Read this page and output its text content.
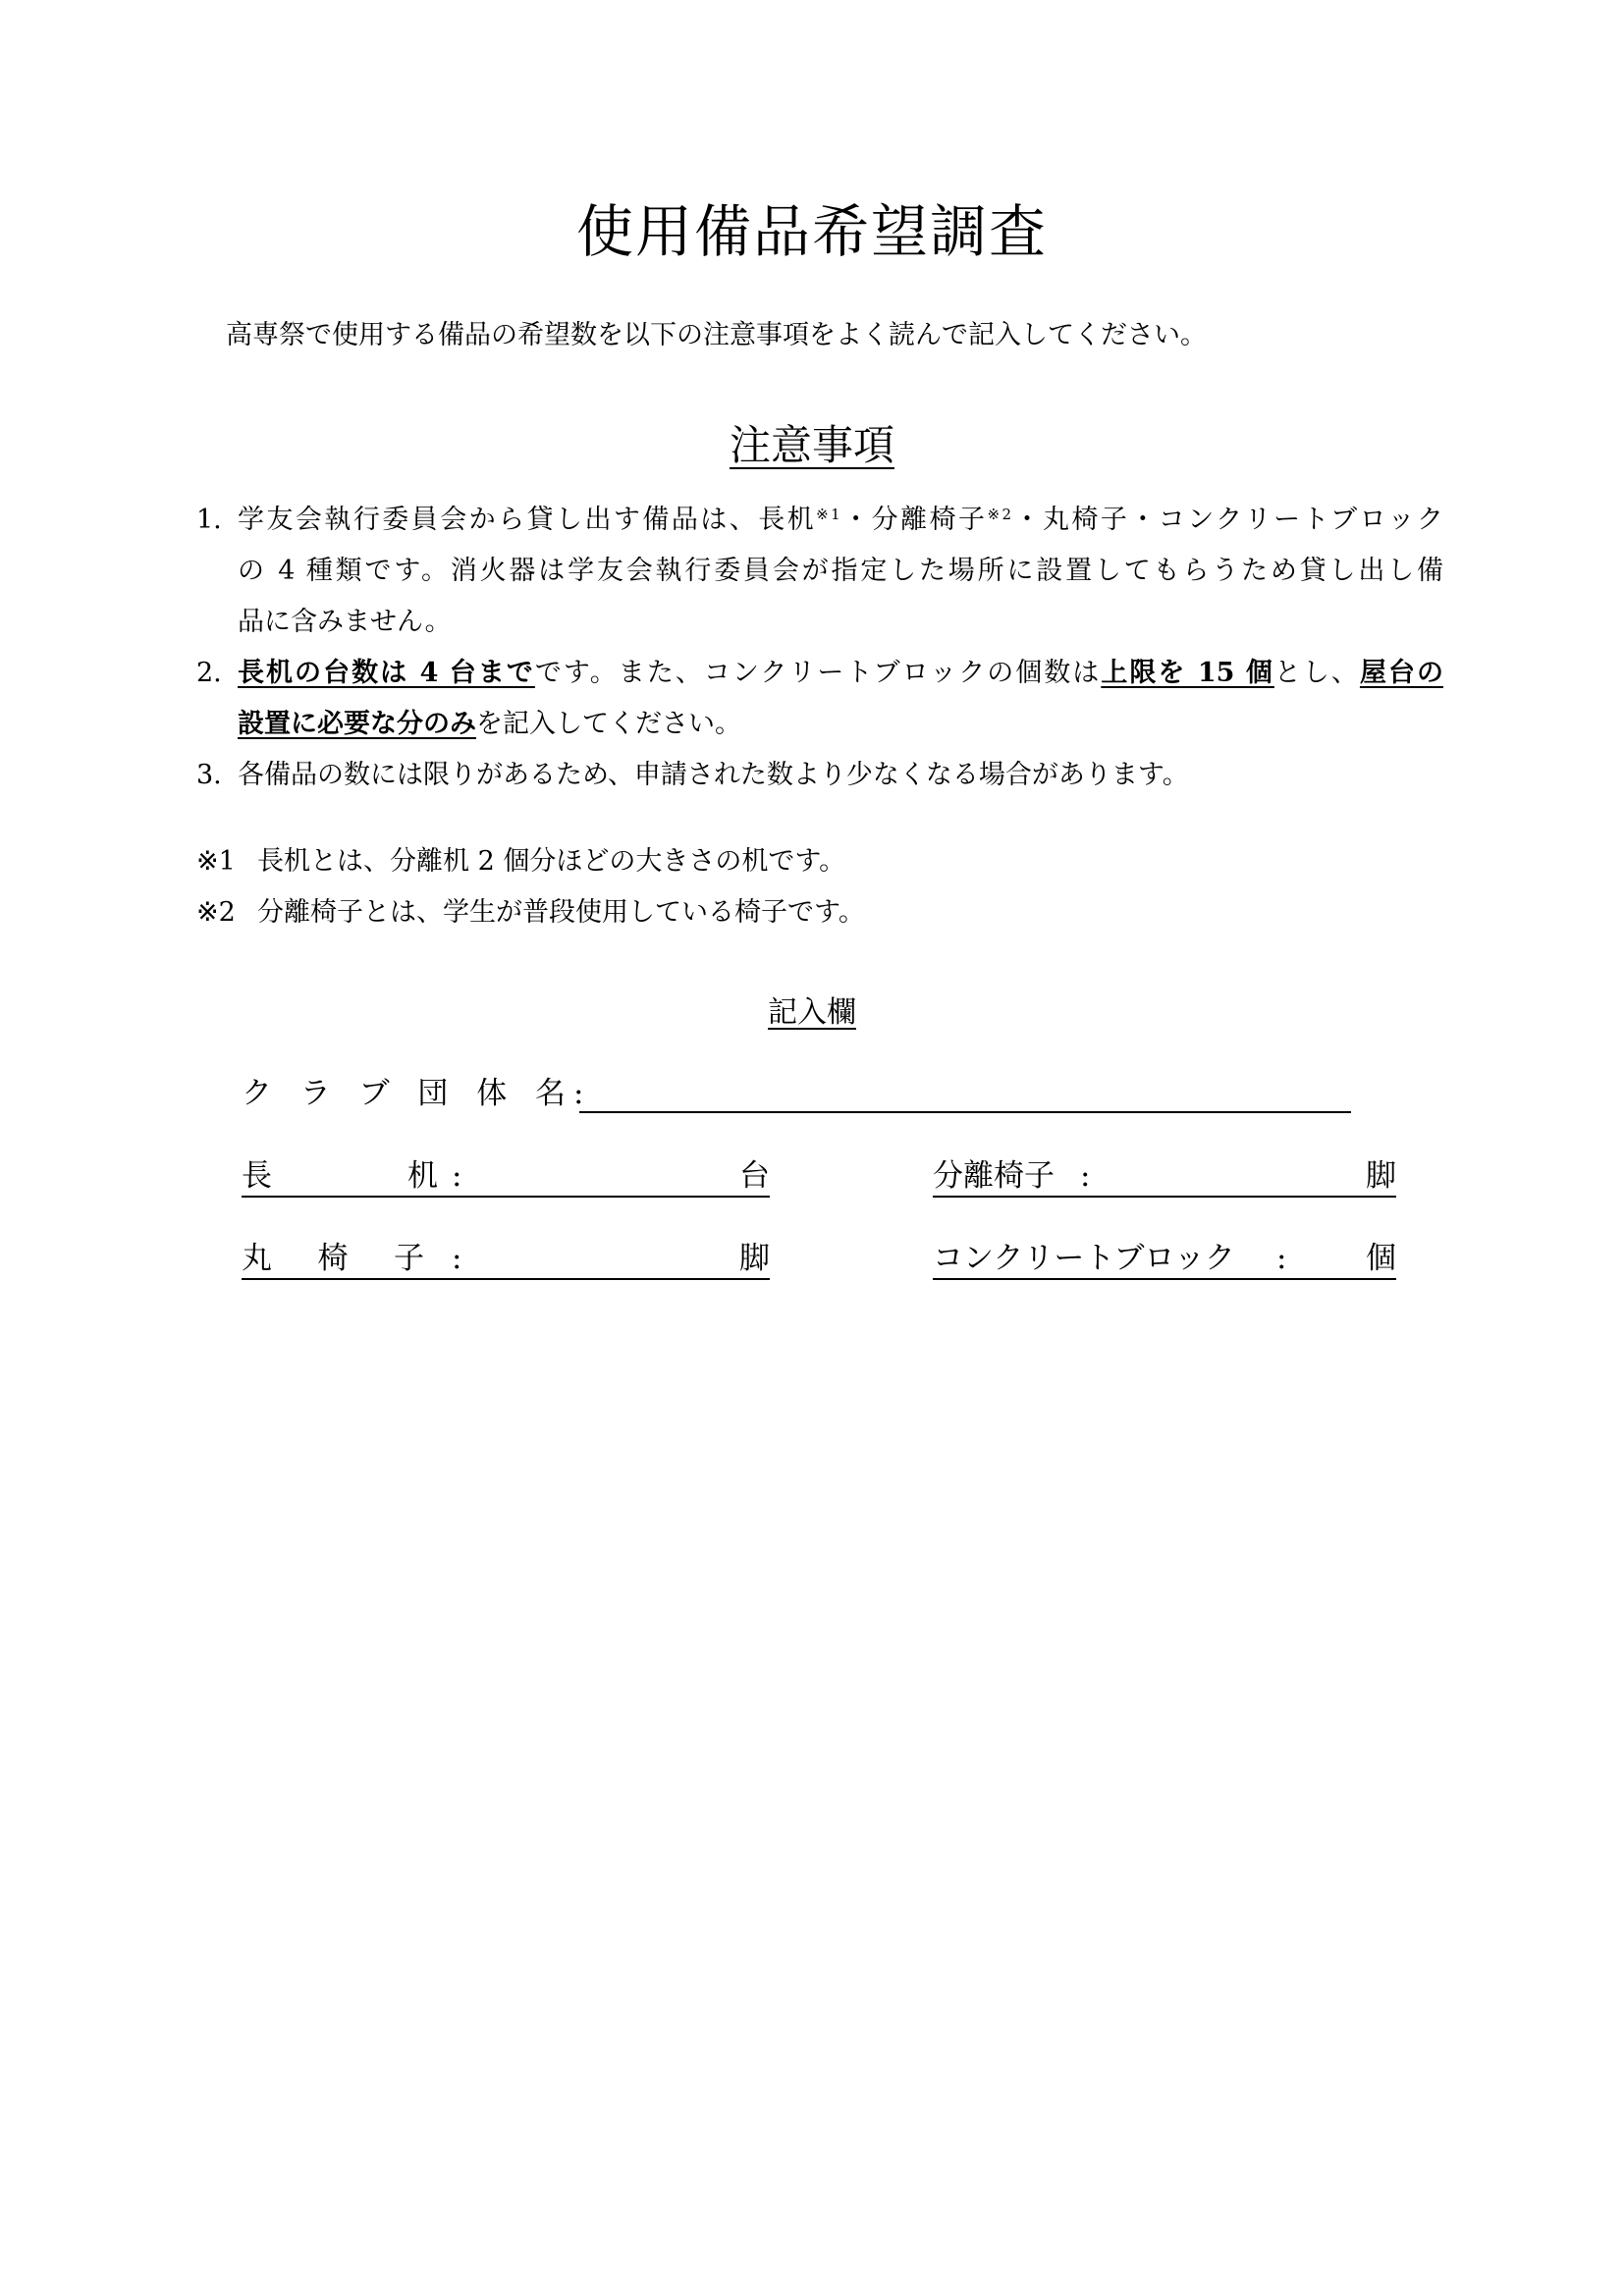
使用備品希望調査
高専祭で使用する備品の希望数を以下の注意事項をよく読んで記入してください。
注意事項
1. 学友会執行委員会から貸し出す備品は、長机$^{※1}$・分離椅子$^{※2}$・丸椅子・コンクリートブロック
の 4 種類です。消火器は学友会執行委員会が指定した場所に設置してもらうため貸し出し備
品に含みません。
2. 長机の台数は 4 台までです。また、コンクリートブロックの個数は上限を 15 個とし、屋台の
設置に必要な分のみを記入してください。
3. 各備品の数には限りがあるため、申請された数より少なくなる場合があります。
※1 長机とは、分離机 2 個分ほどの大きさの机です。
※2 分離椅子とは、学生が普段使用している椅子です。
記入欄
ク ラ ブ 団 体 名 :
長	机 :	台	分離椅子 :	脚
丸 椅 子 :	脚	コンクリートブロック :	個
